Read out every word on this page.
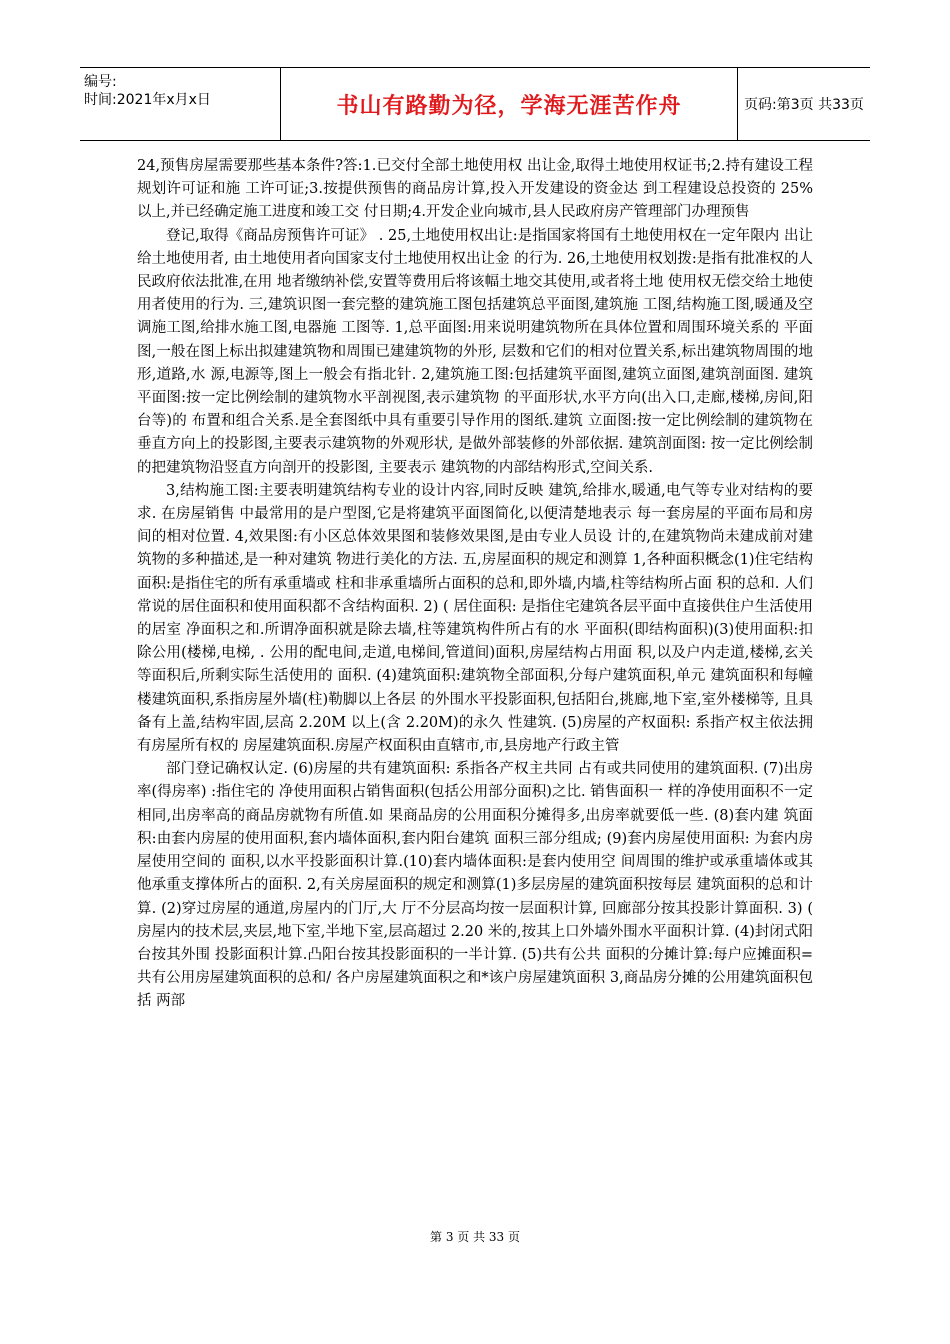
编号:
时间:2021年x月x日	书山有路勤为径，学海无涯苦作舟	页码:第3页 共33页

24,预售房屋需要那些基本条件?答:1.已交付全部土地使用权 出让金,取得土地使用权证书;2.持有建设工程规划许可证和施 工许可证;3.按提供预售的商品房计算,投入开发建设的资金达 到工程建设总投资的 25%以上,并已经确定施工进度和竣工交 付日期;4.开发企业向城市,县人民政府房产管理部门办理预售

登记,取得《商品房预售许可证》 . 25,土地使用权出让:是指国家将国有土地使用权在一定年限内 出让给土地使用者, 由土地使用者向国家支付土地使用权出让金 的行为. 26,土地使用权划拨:是指有批准权的人民政府依法批准,在用 地者缴纳补偿,安置等费用后将该幅土地交其使用,或者将土地 使用权无偿交给土地使用者使用的行为. 三,建筑识图一套完整的建筑施工图包括建筑总平面图,建筑施 工图,结构施工图,暖通及空调施工图,给排水施工图,电器施 工图等. 1,总平面图:用来说明建筑物所在具体位置和周围环境关系的 平面图,一般在图上标出拟建建筑物和周围已建建筑物的外形, 层数和它们的相对位置关系,标出建筑物周围的地形,道路,水 源,电源等,图上一般会有指北针. 2,建筑施工图:包括建筑平面图,建筑立面图,建筑剖面图. 建筑平面图:按一定比例绘制的建筑物水平剖视图,表示建筑物 的平面形状,水平方向(出入口,走廊,楼梯,房间,阳台等)的 布置和组合关系.是全套图纸中具有重要引导作用的图纸.建筑 立面图:按一定比例绘制的建筑物在垂直方向上的投影图,主要表示建筑物的外观形状, 是做外部装修的外部依据. 建筑剖面图: 按一定比例绘制的把建筑物沿竖直方向剖开的投影图, 主要表示 建筑物的内部结构形式,空间关系.

3,结构施工图:主要表明建筑结构专业的设计内容,同时反映 建筑,给排水,暖通,电气等专业对结构的要求. 在房屋销售 中最常用的是户型图,它是将建筑平面图简化,以便清楚地表示 每一套房屋的平面布局和房间的相对位置. 4,效果图:有小区总体效果图和装修效果图,是由专业人员设 计的,在建筑物尚未建成前对建筑物的多种描述,是一种对建筑 物进行美化的方法. 五,房屋面积的规定和测算 1,各种面积概念(1)住宅结构面积:是指住宅的所有承重墙或 柱和非承重墙所占面积的总和,即外墙,内墙,柱等结构所占面 积的总和. 人们常说的居住面积和使用面积都不含结构面积. 2) ( 居住面积: 是指住宅建筑各层平面中直接供住户生活使用的居室 净面积之和.所谓净面积就是除去墙,柱等建筑构件所占有的水 平面积(即结构面积)(3)使用面积:扣除公用(楼梯,电梯, . 公用的配电间,走道,电梯间,管道间)面积,房屋结构占用面 积,以及户内走道,楼梯,玄关等面积后,所剩实际生活使用的 面积. (4)建筑面积:建筑物全部面积,分每户建筑面积,单元 建筑面积和每幢楼建筑面积,系指房屋外墙(柱)勒脚以上各层 的外围水平投影面积,包括阳台,挑廊,地下室,室外楼梯等, 且具备有上盖,结构牢固,层高 2.20M 以上(含 2.20M)的永久 性建筑. (5)房屋的产权面积: 系指产权主依法拥有房屋所有权的 房屋建筑面积.房屋产权面积由直辖市,市,县房地产行政主管

部门登记确权认定. (6)房屋的共有建筑面积: 系指各产权主共同 占有或共同使用的建筑面积. (7)出房率(得房率) :指住宅的 净使用面积占销售面积(包括公用部分面积)之比. 销售面积一 样的净使用面积不一定相同,出房率高的商品房就物有所值.如 果商品房的公用面积分摊得多,出房率就要低一些. (8)套内建 筑面积:由套内房屋的使用面积,套内墙体面积,套内阳台建筑 面积三部分组成; (9)套内房屋使用面积: 为套内房屋使用空间的 面积,以水平投影面积计算.(10)套内墙体面积:是套内使用空 间周围的维护或承重墙体或其他承重支撑体所占的面积. 2,有关房屋面积的规定和测算(1)多层房屋的建筑面积按每层 建筑面积的总和计算. (2)穿过房屋的通道,房屋内的门厅,大 厅不分层高均按一层面积计算, 回廊部分按其投影计算面积. 3) ( 房屋内的技术层,夹层,地下室,半地下室,层高超过 2.20 米的,按其上口外墙外围水平面积计算. (4)封闭式阳台按其外围 投影面积计算.凸阳台按其投影面积的一半计算. (5)共有公共 面积的分摊计算:每户应摊面积=共有公用房屋建筑面积的总和/ 各户房屋建筑面积之和*该户房屋建筑面积 3,商品房分摊的公用建筑面积包括 两部

第 3 页 共 33 页
